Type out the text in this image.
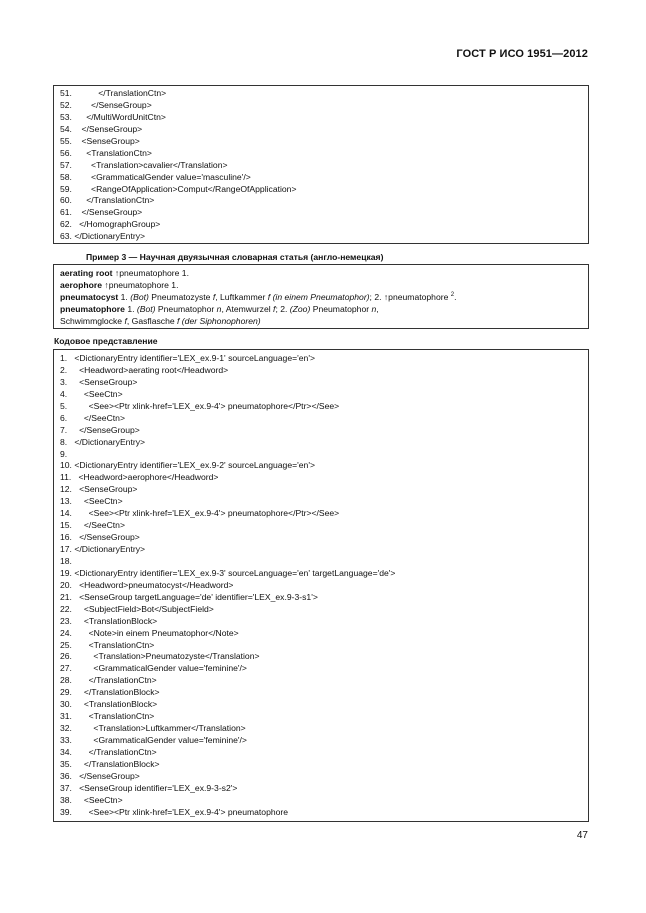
ГОСТ Р ИСО 1951—2012
51.           </TranslationCtn>
52.        </SenseGroup>
53.      </MultiWordUnitCtn>
54.    </SenseGroup>
55.    <SenseGroup>
56.      <TranslationCtn>
57.        <Translation>cavalier</Translation>
58.        <GrammaticalGender value='masculine'/>
59.        <RangeOfApplication>Comput</RangeOfApplication>
60.      </TranslationCtn>
61.    </SenseGroup>
62.   </HomographGroup>
63. </DictionaryEntry>
Пример 3 — Научная двуязычная словарная статья (англо-немецкая)
aerating root ↑pneumatophore 1.
aerophore ↑pneumatophore 1.
pneumatocyst 1. (Bot) Pneumatozyste f, Luftkammer f (in einem Pneumatophor); 2. ↑pneumatophore $^2$.
pneumatophore 1. (Bot) Pneumatophor n, Atemwurzel f; 2. (Zoo) Pneumatophor n,
Schwimmglocke f, Gasflasche f (der Siphonophoren)
Кодовое представление
1.   <DictionaryEntry identifier='LEX_ex.9-1' sourceLanguage='en'>
2.     <Headword>aerating root</Headword>
3.     <SenseGroup>
4.       <SeeCtn>
5.         <See><Ptr xlink-href='LEX_ex.9-4'> pneumatophore</Ptr></See>
6.       </SeeCtn>
7.     </SenseGroup>
8.   </DictionaryEntry>
9.
10. <DictionaryEntry identifier='LEX_ex.9-2' sourceLanguage='en'>
11.   <Headword>aerophore</Headword>
12.   <SenseGroup>
13.     <SeeCtn>
14.       <See><Ptr xlink-href='LEX_ex.9-4'> pneumatophore</Ptr></See>
15.     </SeeCtn>
16.   </SenseGroup>
17. </DictionaryEntry>
18.
19. <DictionaryEntry identifier='LEX_ex.9-3' sourceLanguage='en' targetLanguage='de'>
20.   <Headword>pneumatocyst</Headword>
21.   <SenseGroup targetLanguage='de' identifier='LEX_ex.9-3-s1'>
22.     <SubjectField>Bot</SubjectField>
23.     <TranslationBlock>
24.       <Note>in einem Pneumatophor</Note>
25.       <TranslationCtn>
26.         <Translation>Pneumatozyste</Translation>
27.         <GrammaticalGender value='feminine'/>
28.       </TranslationCtn>
29.     </TranslationBlock>
30.     <TranslationBlock>
31.       <TranslationCtn>
32.         <Translation>Luftkammer</Translation>
33.         <GrammaticalGender value='feminine'/>
34.       </TranslationCtn>
35.     </TranslationBlock>
36.   </SenseGroup>
37.   <SenseGroup identifier='LEX_ex.9-3-s2'>
38.     <SeeCtn>
39.       <See><Ptr xlink-href='LEX_ex.9-4'> pneumatophore
47
